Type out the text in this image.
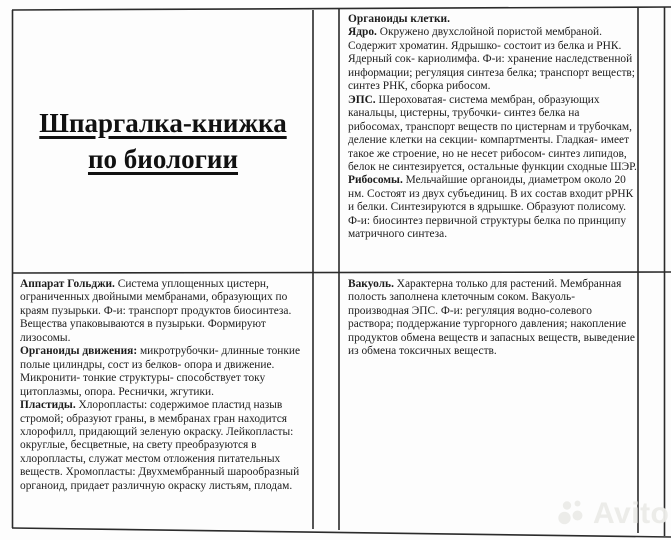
Шпаргалка-книжка по биологии

Органоиды клетки.

Ядро. Окружено двухслойной пористой мембраной. Содержит хроматин. Ядрышко- состоит из белка и РНК. Ядерный сок- кариолимфа. Ф-и: хранение наследственной информации; регуляция синтеза белка; транспорт веществ; синтез РНК, сборка рибосом.

ЭПС. Шероховатая- система мембран, образующих канальцы, цистерны, трубочки- синтез белка на рибосомах, транспорт веществ по цистернам и трубочкам, деление клетки на секции- компартменты. Гладкая- имеет такое же строение, но не несет рибосом- синтез липидов, белок не синтезируется, остальные функции сходные ШЭР.

Рибосомы. Мельчайшие органоиды, диаметром около 20 нм. Состоят из двух субъединиц. В их состав входит рРНК и белки. Синтезируются в ядрышке. Образуют полисому. Ф-и: биосинтез первичной структуры белка по принципу матричного синтеза.

Аппарат Гольджи. Система уплощенных цистерн, ограниченных двойными мембранами, образующих по краям пузырьки. Ф-и: транспорт продуктов биосинтеза. Вещества упаковываются в пузырьки. Формируют лизосомы.

Органоиды движения: микротрубочки- длинные тонкие полые цилиндры, сост из белков- опора и движение. Микронити- тонкие структуры- способствует току цитоплазмы, опора. Реснички, жгутики.

Пластиды. Хлоропласты: содержимое пластид назыв стромой; образуют граны, в мембранах гран находится хлорофилл, придающий зеленую окраску. Лейкопласты: округлые, бесцветные, на свету преобразуются в хлоропласты, служат местом отложения питательных веществ. Хромопласты: Двухмембранный шарообразный органоид, придает различную окраску листьям, плодам.

Вакуоль. Характерна только для растений. Мембранная полость заполнена клеточным соком. Вакуоль- производная ЭПС. Ф-и: регуляция водно-солевого раствора; поддержание тургорного давления; накопление продуктов обмена веществ и запасных веществ, выведение из обмена токсичных веществ.

Avito
